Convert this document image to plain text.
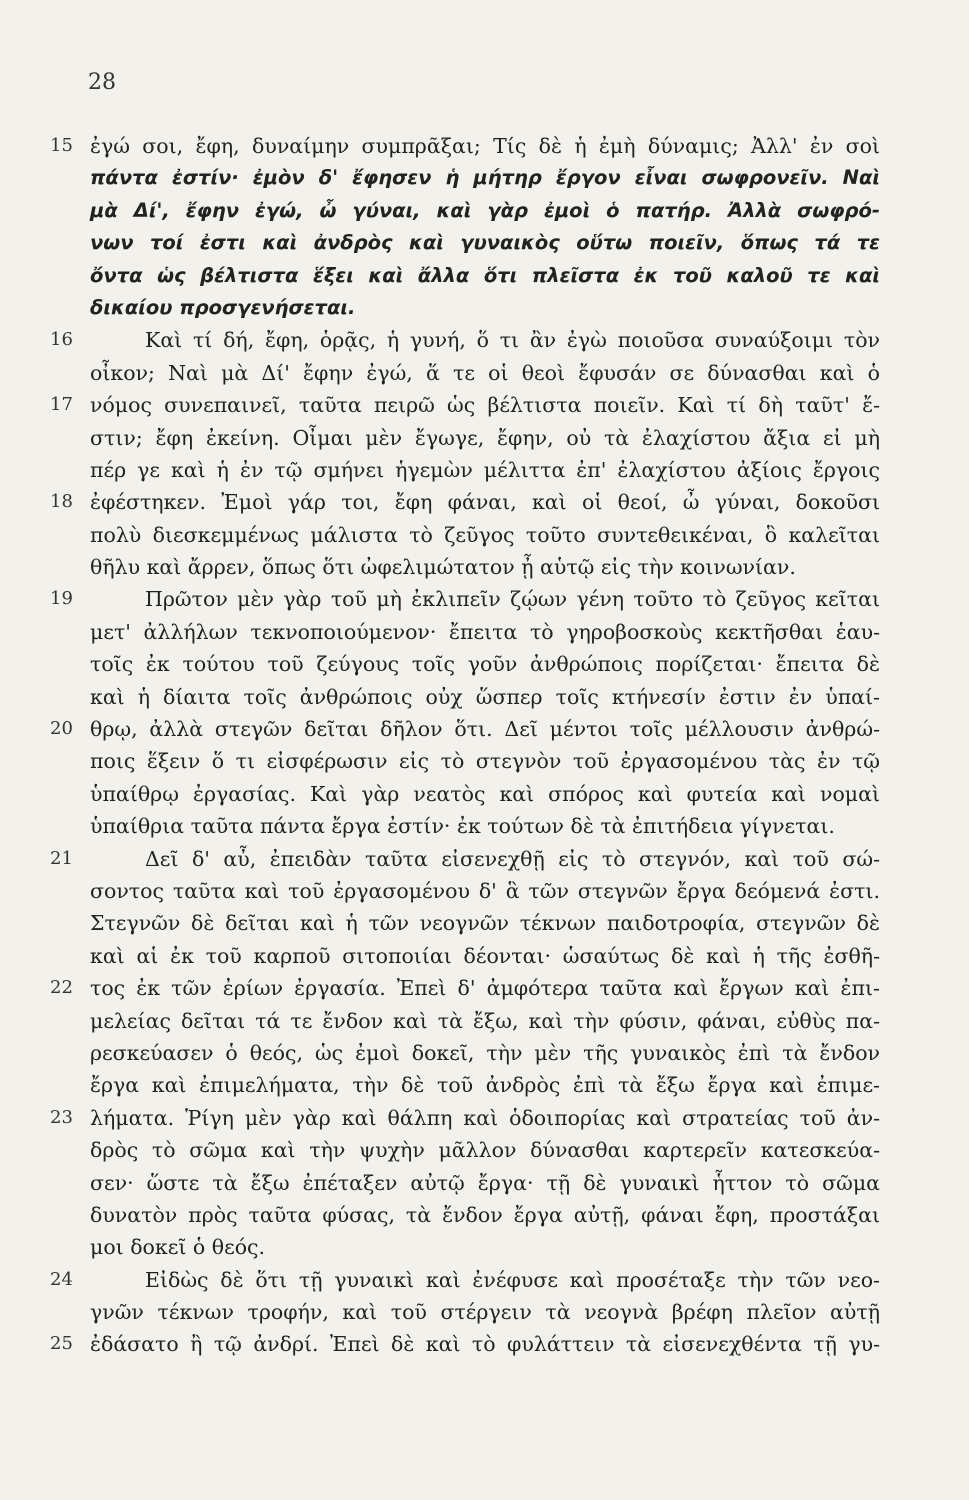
28
15 ἐγώ σοι, ἔφη, δυναίμην συμπρᾶξαι; Τίς δὲ ἡ ἐμὴ δύναμις; Ἀλλ' ἐν σοὶ
πάντα ἐστίν· ἐμὸν δ' ἔφησεν ἡ μήτηρ ἔργον εἶναι σωφρονεῖν. Ναὶ
μὰ Δί', ἔφην ἐγώ, ὦ γύναι, καὶ γὰρ ἐμοὶ ὁ πατήρ. Ἀλλὰ σωφρό-
νων τοί ἐστι καὶ ἀνδρὸς καὶ γυναικὸς οὕτω ποιεῖν, ὅπως τά τε
ὄντα ὡς βέλτιστα ἕξει καὶ ἄλλα ὅτι πλεῖστα ἐκ τοῦ καλοῦ τε καὶ
δικαίου προσγενήσεται.
16	Καὶ τί δή, ἔφη, ὁρᾷς, ἡ γυνή, ὅ τι ἂν ἐγὼ ποιοῦσα συναύξοιμι τὸν
οἶκον; Ναὶ μὰ Δί' ἔφην ἐγώ, ἅ τε οἱ θεοὶ ἔφυσάν σε δύνασθαι καὶ ὁ
17 νόμος συνεπαινεῖ, ταῦτα πειρῶ ὡς βέλτιστα ποιεῖν. Καὶ τί δὴ ταῦτ' ἔ-
στιν; ἔφη ἐκείνη. Οἶμαι μὲν ἔγωγε, ἔφην, οὐ τὰ ἐλαχίστου ἄξια εἰ μὴ
πέρ γε καὶ ἡ ἐν τῷ σμήνει ἡγεμὼν μέλιττα ἐπ' ἐλαχίστου ἀξίοις ἔργοις
18 ἐφέστηκεν. Ἐμοὶ γάρ τοι, ἔφη φάναι, καὶ οἱ θεοί, ὦ γύναι, δοκοῦσι
πολὺ διεσκεμμένως μάλιστα τὸ ζεῦγος τοῦτο συντεθεικέναι, ὃ καλεῖται
θῆλυ καὶ ἄρρεν, ὅπως ὅτι ὠφελιμώτατον ᾖ αὑτῷ εἰς τὴν κοινωνίαν.
19	Πρῶτον μὲν γὰρ τοῦ μὴ ἐκλιπεῖν ζῴων γένη τοῦτο τὸ ζεῦγος κεῖται
μετ' ἀλλήλων τεκνοποιούμενον· ἔπειτα τὸ γηροβοσκοὺς κεκτῆσθαι ἑαυ-
τοῖς ἐκ τούτου τοῦ ζεύγους τοῖς γοῦν ἀνθρώποις πορίζεται· ἔπειτα δὲ
καὶ ἡ δίαιτα τοῖς ἀνθρώποις οὐχ ὥσπερ τοῖς κτήνεσίν ἐστιν ἐν ὑπαί-
20 θρῳ, ἀλλὰ στεγῶν δεῖται δῆλον ὅτι. Δεῖ μέντοι τοῖς μέλλουσιν ἀνθρώ-
ποις ἕξειν ὅ τι εἰσφέρωσιν εἰς τὸ στεγνὸν τοῦ ἐργασομένου τὰς ἐν τῷ
ὑπαίθρῳ ἐργασίας. Καὶ γὰρ νεατὸς καὶ σπόρος καὶ φυτεία καὶ νομαὶ
ὑπαίθρια ταῦτα πάντα ἔργα ἐστίν· ἐκ τούτων δὲ τὰ ἐπιτήδεια γίγνεται.
21	Δεῖ δ' αὖ, ἐπειδὰν ταῦτα εἰσενεχθῇ εἰς τὸ στεγνόν, καὶ τοῦ σώ-
σοντος ταῦτα καὶ τοῦ ἐργασομένου δ' ἃ τῶν στεγνῶν ἔργα δεόμενά ἐστι.
Στεγνῶν δὲ δεῖται καὶ ἡ τῶν νεογνῶν τέκνων παιδοτροφία, στεγνῶν δὲ
καὶ αἱ ἐκ τοῦ καρποῦ σιτοποιίαι δέονται· ὡσαύτως δὲ καὶ ἡ τῆς ἐσθῆ-
22 τος ἐκ τῶν ἐρίων ἐργασία. Ἐπεὶ δ' ἀμφότερα ταῦτα καὶ ἔργων καὶ ἐπι-
μελείας δεῖται τά τε ἔνδον καὶ τὰ ἔξω, καὶ τὴν φύσιν, φάναι, εὐθὺς πα-
ρεσκεύασεν ὁ θεός, ὡς ἐμοὶ δοκεῖ, τὴν μὲν τῆς γυναικὸς ἐπὶ τὰ ἔνδον
ἔργα καὶ ἐπιμελήματα, τὴν δὲ τοῦ ἀνδρὸς ἐπὶ τὰ ἔξω ἔργα καὶ ἐπιμε-
23 λήματα. Ῥίγη μὲν γὰρ καὶ θάλπη καὶ ὁδοιπορίας καὶ στρατείας τοῦ ἀν-
δρὸς τὸ σῶμα καὶ τὴν ψυχὴν μᾶλλον δύνασθαι καρτερεῖν κατεσκεύα-
σεν· ὥστε τὰ ἔξω ἐπέταξεν αὐτῷ ἔργα· τῇ δὲ γυναικὶ ἧττον τὸ σῶμα
δυνατὸν πρὸς ταῦτα φύσας, τὰ ἔνδον ἔργα αὐτῇ, φάναι ἔφη, προστάξαι
μοι δοκεῖ ὁ θεός.
24	Εἰδὼς δὲ ὅτι τῇ γυναικὶ καὶ ἐνέφυσε καὶ προσέταξε τὴν τῶν νεο-
γνῶν τέκνων τροφήν, καὶ τοῦ στέργειν τὰ νεογνὰ βρέφη πλεῖον αὐτῇ
25 ἐδάσατο ἢ τῷ ἀνδρί. Ἐπεὶ δὲ καὶ τὸ φυλάττειν τὰ εἰσενεχθέντα τῇ γυ-
